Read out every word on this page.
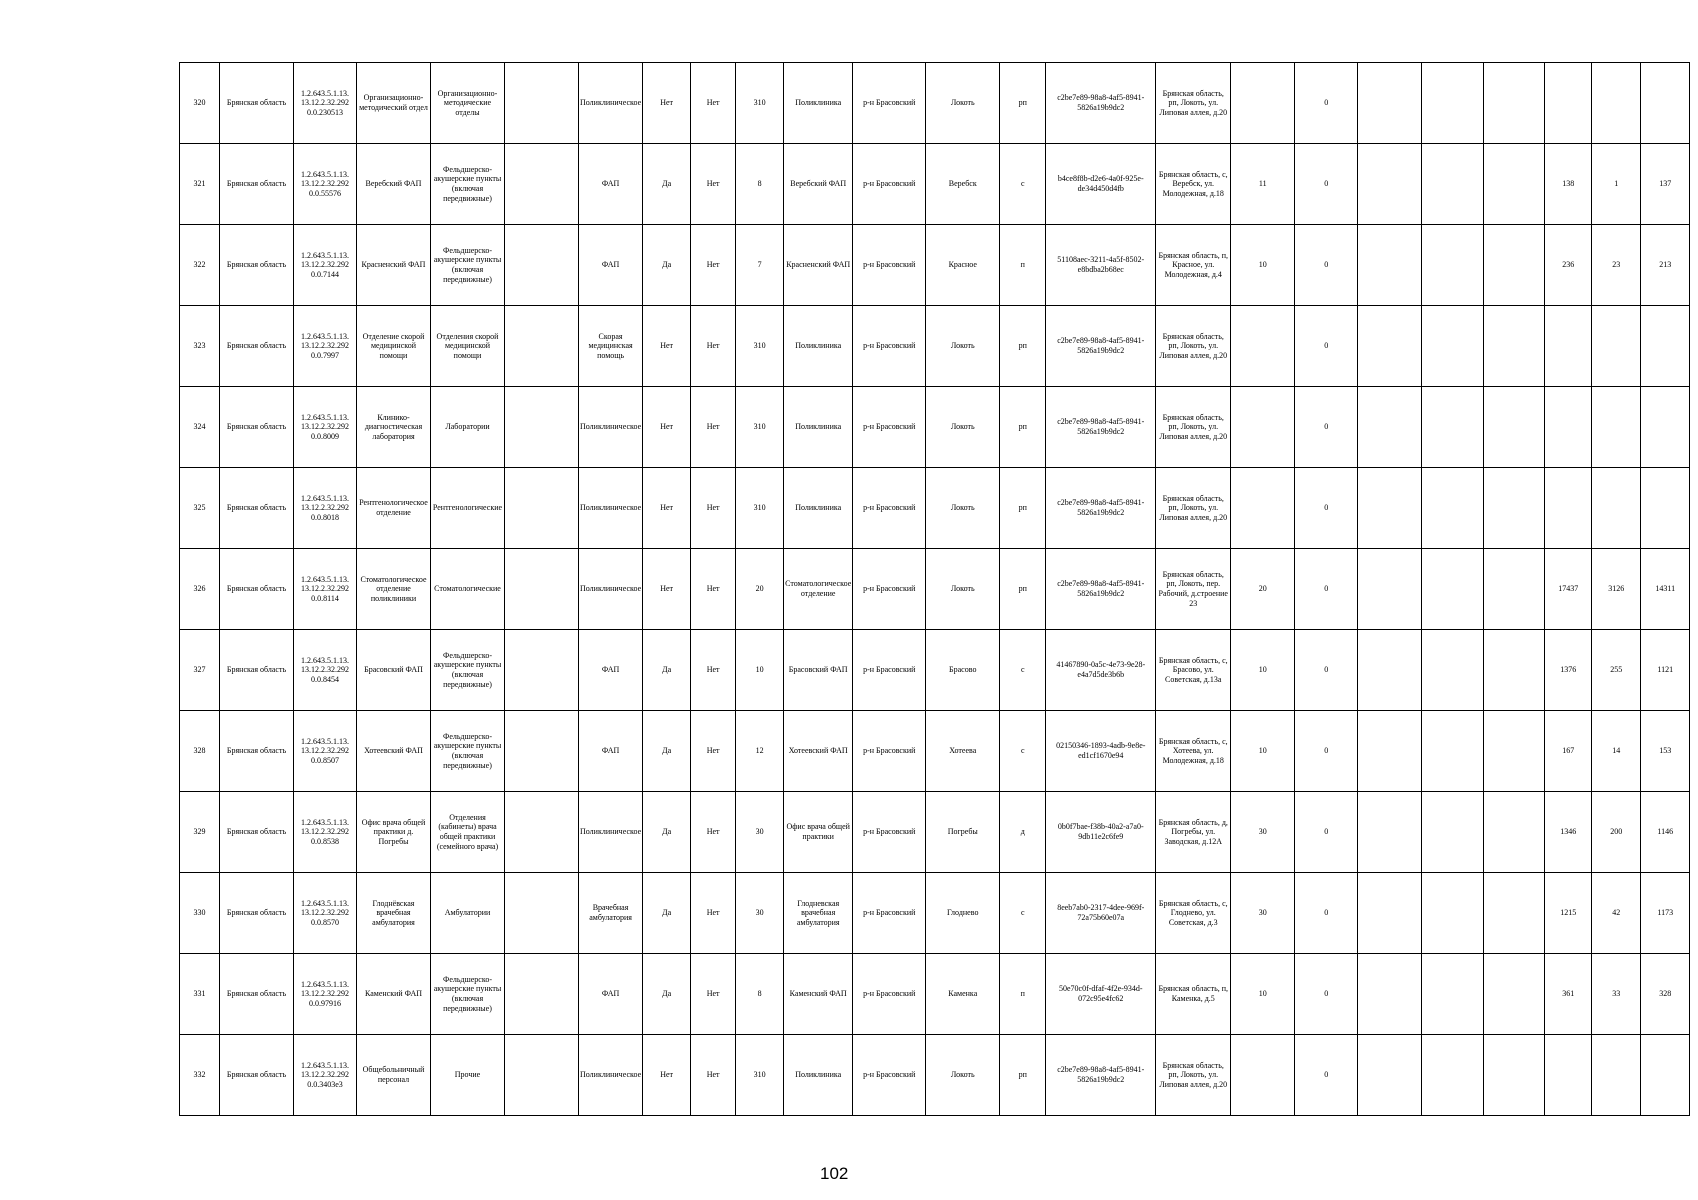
320	Брянская область	1.2.643.5.1.13. 13.12.2.32.292 0.0.230513	Организационно-методический отдел	Организационно-методические отделы		Поликлиническое	Нет	Нет	310	Поликлиника	р-н Брасовский	Локоть	рп	c2be7e89-98a8-4af5-8941-5826a19b9dc2	Брянская область, рп, Локоть, ул. Липовая аллея, д.20		0						
321	Брянская область	1.2.643.5.1.13. 13.12.2.32.292 0.0.55576	Веребский ФАП	Фельдшерско-акушерские пункты (включая передвижные)		ФАП	Да	Нет	8	Веребский ФАП	р-н Брасовский	Веребск	с	b4ce8f8b-d2e6-4a0f-925e-de34d450d4fb	Брянская область, с, Веребск, ул. Молодежная, д.18	11	0				138	1	137
322	Брянская область	1.2.643.5.1.13. 13.12.2.32.292 0.0.7144	Красненский ФАП	Фельдшерско-акушерские пункты (включая передвижные)		ФАП	Да	Нет	7	Красненский ФАП	р-н Брасовский	Красное	п	51108aec-3211-4a5f-8502-e8bdba2b68ec	Брянская область, п, Красное, ул. Молодежная, д.4	10	0				236	23	213
323	Брянская область	1.2.643.5.1.13. 13.12.2.32.292 0.0.7997	Отделение скорой медицинской помощи	Отделения скорой медицинской помощи		Скорая медицинская помощь	Нет	Нет	310	Поликлиника	р-н Брасовский	Локоть	рп	c2be7e89-98a8-4af5-8941-5826a19b9dc2	Брянская область, рп, Локоть, ул. Липовая аллея, д.20		0						
324	Брянская область	1.2.643.5.1.13. 13.12.2.32.292 0.0.8009	Клинико-диагностическая лаборатория	Лаборатории		Поликлиническое	Нет	Нет	310	Поликлиника	р-н Брасовский	Локоть	рп	c2be7e89-98a8-4af5-8941-5826a19b9dc2	Брянская область, рп, Локоть, ул. Липовая аллея, д.20		0						
325	Брянская область	1.2.643.5.1.13. 13.12.2.32.292 0.0.8018	Рентгенологическое отделение	Рентгенологические		Поликлиническое	Нет	Нет	310	Поликлиника	р-н Брасовский	Локоть	рп	c2be7e89-98a8-4af5-8941-5826a19b9dc2	Брянская область, рп, Локоть, ул. Липовая аллея, д.20		0						
326	Брянская область	1.2.643.5.1.13. 13.12.2.32.292 0.0.8114	Стоматологическое отделение поликлиники	Стоматологические		Поликлиническое	Нет	Нет	20	Стоматологическое отделение	р-н Брасовский	Локоть	рп	c2be7e89-98a8-4af5-8941-5826a19b9dc2	Брянская область, рп, Локоть, пер. Рабочий, д.строение 23	20	0				17437	3126	14311
327	Брянская область	1.2.643.5.1.13. 13.12.2.32.292 0.0.8454	Брасовский ФАП	Фельдшерско-акушерские пункты (включая передвижные)		ФАП	Да	Нет	10	Брасовский ФАП	р-н Брасовский	Брасово	с	41467890-0a5c-4e73-9e28-e4a7d5de3b6b	Брянская область, с, Брасово, ул. Советская, д.13а	10	0				1376	255	1121
328	Брянская область	1.2.643.5.1.13. 13.12.2.32.292 0.0.8507	Хотеевский ФАП	Фельдшерско-акушерские пункты (включая передвижные)		ФАП	Да	Нет	12	Хотеевский ФАП	р-н Брасовский	Хотеева	с	02150346-1893-4adb-9e8e-ed1cf1670e94	Брянская область, с, Хотеева, ул. Молодежная, д.18	10	0				167	14	153
329	Брянская область	1.2.643.5.1.13. 13.12.2.32.292 0.0.8538	Офис врача общей практики д. Погребы	Отделения (кабинеты) врача общей практики (семейного врача)		Поликлиническое	Да	Нет	30	Офис врача общей практики	р-н Брасовский	Погребы	д	0b0f7bae-f38b-40a2-a7a0-9db11e2c6fe9	Брянская область, д, Погребы, ул. Заводская, д.12А	30	0				1346	200	1146
330	Брянская область	1.2.643.5.1.13. 13.12.2.32.292 0.0.8570	Глоднёвская врачебная амбулатория	Амбулатории		Врачебная амбулатория	Да	Нет	30	Глодневская врачебная амбулатория	р-н Брасовский	Глоднево	с	8eeb7ab0-2317-4dee-969f-72a75b60e07a	Брянская область, с, Глоднево, ул. Советская, д.3	30	0				1215	42	1173
331	Брянская область	1.2.643.5.1.13. 13.12.2.32.292 0.0.97916	Каменский ФАП	Фельдшерско-акушерские пункты (включая передвижные)		ФАП	Да	Нет	8	Каменский ФАП	р-н Брасовский	Каменка	п	50e70c0f-dfaf-4f2e-934d-072c95e4fc62	Брянская область, п, Каменка, д.5	10	0				361	33	328
332	Брянская область	1.2.643.5.1.13. 13.12.2.32.292 0.0.3403e3	Общебольничный персонал	Прочие		Поликлиническое	Нет	Нет	310	Поликлиника	р-н Брасовский	Локоть	рп	c2be7e89-98a8-4af5-8941-5826a19b9dc2	Брянская область, рп, Локоть, ул. Липовая аллея, д.20		0						
102
